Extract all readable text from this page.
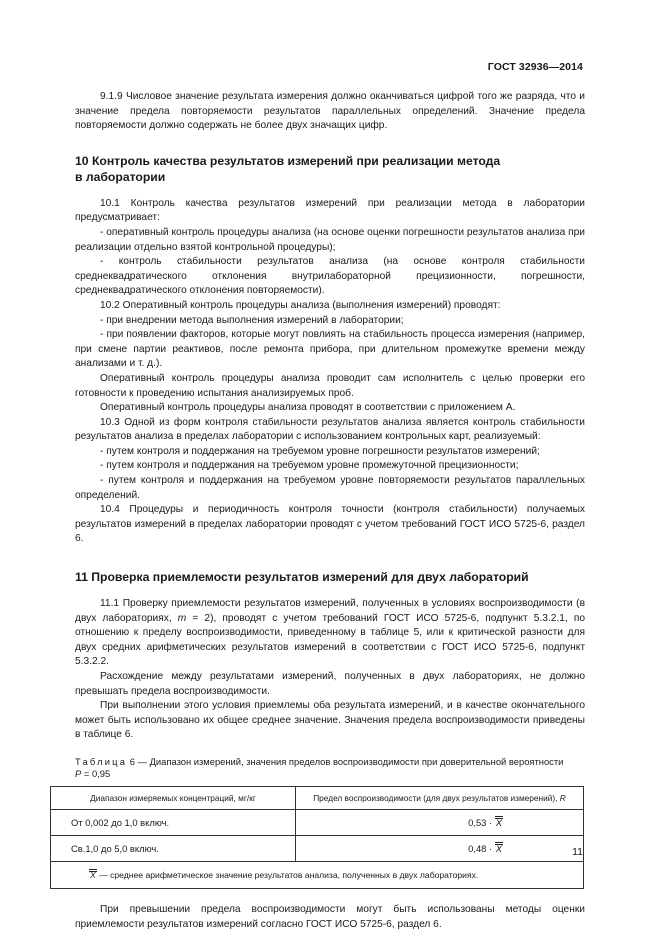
ГОСТ 32936—2014

9.1.9 Числовое значение результата измерения должно оканчиваться цифрой того же разряда, что и значение предела повторяемости результатов параллельных определений. Значение предела повторяемости должно содержать не более двух значащих цифр.

10 Контроль качества результатов измерений при реализации метода
в лаборатории

10.1 Контроль качества результатов измерений при реализации метода в лаборатории предусматривает:

- оперативный контроль процедуры анализа (на основе оценки погрешности результатов анализа при реализации отдельно взятой контрольной процедуры);

- контроль стабильности результатов анализа (на основе контроля стабильности среднеквадратического отклонения внутрилабораторной прецизионности, погрешности, среднеквадратического отклонения повторяемости).

10.2 Оперативный контроль процедуры анализа (выполнения измерений) проводят:

- при внедрении метода выполнения измерений в лаборатории;

- при появлении факторов, которые могут повлиять на стабильность процесса измерения (например, при смене партии реактивов, после ремонта прибора, при длительном промежутке времени между анализами и т. д.).

Оперативный контроль процедуры анализа проводит сам исполнитель с целью проверки его готовности к проведению испытания анализируемых проб.

Оперативный контроль процедуры анализа проводят в соответствии с приложением А.

10.3 Одной из форм контроля стабильности результатов анализа является контроль стабильности результатов анализа в пределах лаборатории с использованием контрольных карт, реализуемый:

- путем контроля и поддержания на требуемом уровне погрешности результатов измерений;

- путем контроля и поддержания на требуемом уровне промежуточной прецизионности;

- путем контроля и поддержания на требуемом уровне повторяемости результатов параллельных определений.

10.4 Процедуры и периодичность контроля точности (контроля стабильности) получаемых результатов измерений в пределах лаборатории проводят с учетом требований ГОСТ ИСО 5725-6, раздел 6.

11 Проверка приемлемости результатов измерений для двух лабораторий

11.1 Проверку приемлемости результатов измерений, полученных в условиях воспроизводимости (в двух лабораториях, m = 2), проводят с учетом требований ГОСТ ИСО 5725-6, подпункт 5.3.2.1, по отношению к пределу воспроизводимости, приведенному в таблице 5, или к критической разности для двух средних арифметических результатов измерений в соответствии с ГОСТ ИСО 5725-6, подпункт 5.3.2.2.

Расхождение между результатами измерений, полученных в двух лабораториях, не должно превышать предела воспроизводимости.

При выполнении этого условия приемлемы оба результата измерений, и в качестве окончательного может быть использовано их общее среднее значение. Значения предела воспроизводимости приведены в таблице 6.

Таблица 6 — Диапазон измерений, значения пределов воспроизводимости при доверительной вероятности
P = 0,95
Диапазон измеряемых концентраций, мг/кг	Предел воспроизводимости (для двух результатов измерений), R
От 0,002 до 1,0 включ.	0,53 · X
Св.1,0 до 5,0 включ.	0,48 · X
X — среднее арифметическое значение результатов анализа, полученных в двух лабораториях.	

При превышении предела воспроизводимости могут быть использованы методы оценки приемлемости результатов измерений согласно ГОСТ ИСО 5725-6, раздел 6.

11
